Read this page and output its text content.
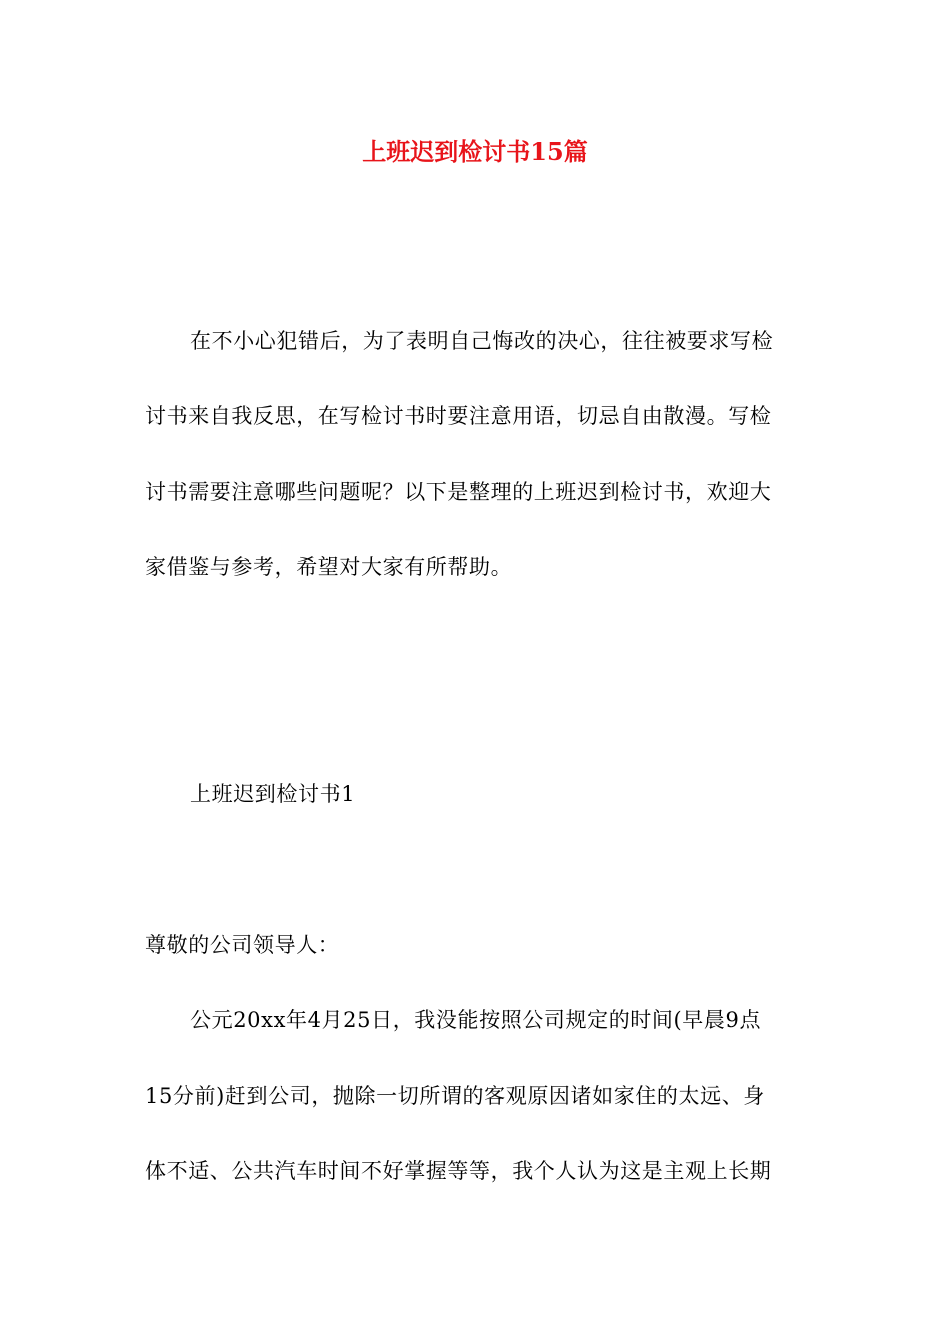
上班迟到检讨书15篇
在不小心犯错后，为了表明自己悔改的决心，往往被要求写检
讨书来自我反思，在写检讨书时要注意用语，切忌自由散漫。写检
讨书需要注意哪些问题呢？以下是整理的上班迟到检讨书，欢迎大
家借鉴与参考，希望对大家有所帮助。
上班迟到检讨书1
尊敬的公司领导人：
公元20xx年4月25日，我没能按照公司规定的时间(早晨9点
15分前)赶到公司，抛除一切所谓的客观原因诸如家住的太远、身
体不适、公共汽车时间不好掌握等等，我个人认为这是主观上长期
